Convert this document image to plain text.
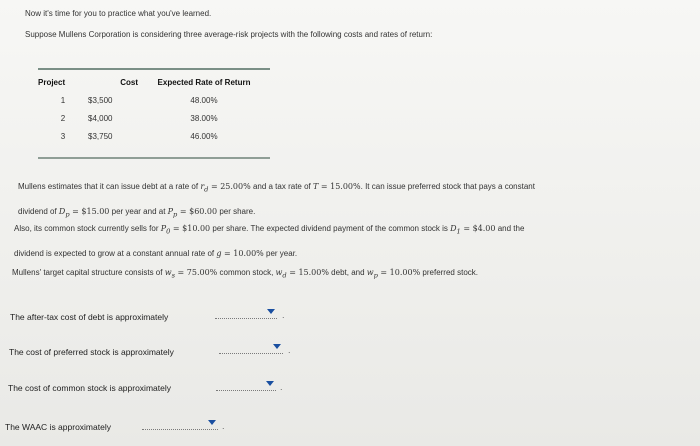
Now it's time for you to practice what you've learned.
Suppose Mullens Corporation is considering three average-risk projects with the following costs and rates of return:
Project	Cost	Expected Rate of Return
1	$3,500	48.00%
2	$4,000	38.00%
3	$3,750	46.00%
Mullens estimates that it can issue debt at a rate of $r_d = 25.00\%$ and a tax rate of T = 15.00%. It can issue preferred stock that pays a constant
dividend of $D_p$ = $15.00 per year and at $P_p$ = $60.00 per share.
Also, its common stock currently sells for $P_0$ = $10.00 per share. The expected dividend payment of the common stock is $D_1$ = $4.00 and the
dividend is expected to grow at a constant annual rate of g = 10.00% per year.
Mullens' target capital structure consists of $w_s = 75.00\%$ common stock, $w_d = 15.00\%$ debt, and $w_p = 10.00\%$ preferred stock.
The after-tax cost of debt is approximately	.
The cost of preferred stock is approximately	.
The cost of common stock is approximately	.
The WAAC is approximately	.
